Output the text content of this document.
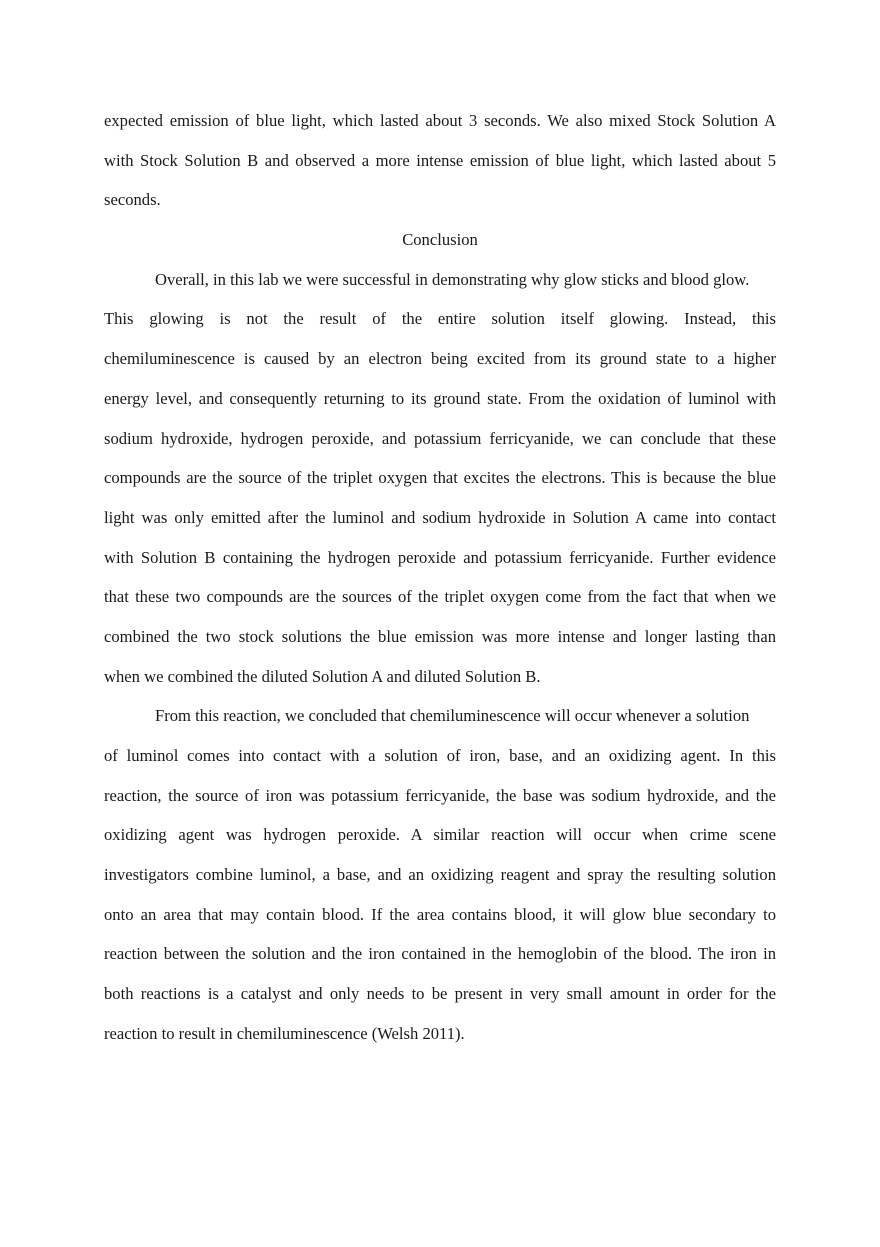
expected emission of blue light, which lasted about 3 seconds. We also mixed Stock Solution A
with Stock Solution B and observed a more intense emission of blue light, which lasted about 5
seconds.
Conclusion
Overall, in this lab we were successful in demonstrating why glow sticks and blood glow.
This glowing is not the result of the entire solution itself glowing. Instead, this
chemiluminescence is caused by an electron being excited from its ground state to a higher
energy level, and consequently returning to its ground state. From the oxidation of luminol with
sodium hydroxide, hydrogen peroxide, and potassium ferricyanide, we can conclude that these
compounds are the source of the triplet oxygen that excites the electrons. This is because the blue
light was only emitted after the luminol and sodium hydroxide in Solution A came into contact
with Solution B containing the hydrogen peroxide and potassium ferricyanide. Further evidence
that these two compounds are the sources of the triplet oxygen come from the fact that when we
combined the two stock solutions the blue emission was more intense and longer lasting than
when we combined the diluted Solution A and diluted Solution B.
From this reaction, we concluded that chemiluminescence will occur whenever a solution
of luminol comes into contact with a solution of iron, base, and an oxidizing agent. In this
reaction, the source of iron was potassium ferricyanide, the base was sodium hydroxide, and the
oxidizing agent was hydrogen peroxide. A similar reaction will occur when crime scene
investigators combine luminol, a base, and an oxidizing reagent and spray the resulting solution
onto an area that may contain blood. If the area contains blood, it will glow blue secondary to
reaction between the solution and the iron contained in the hemoglobin of the blood. The iron in
both reactions is a catalyst and only needs to be present in very small amount in order for the
reaction to result in chemiluminescence (Welsh 2011).
